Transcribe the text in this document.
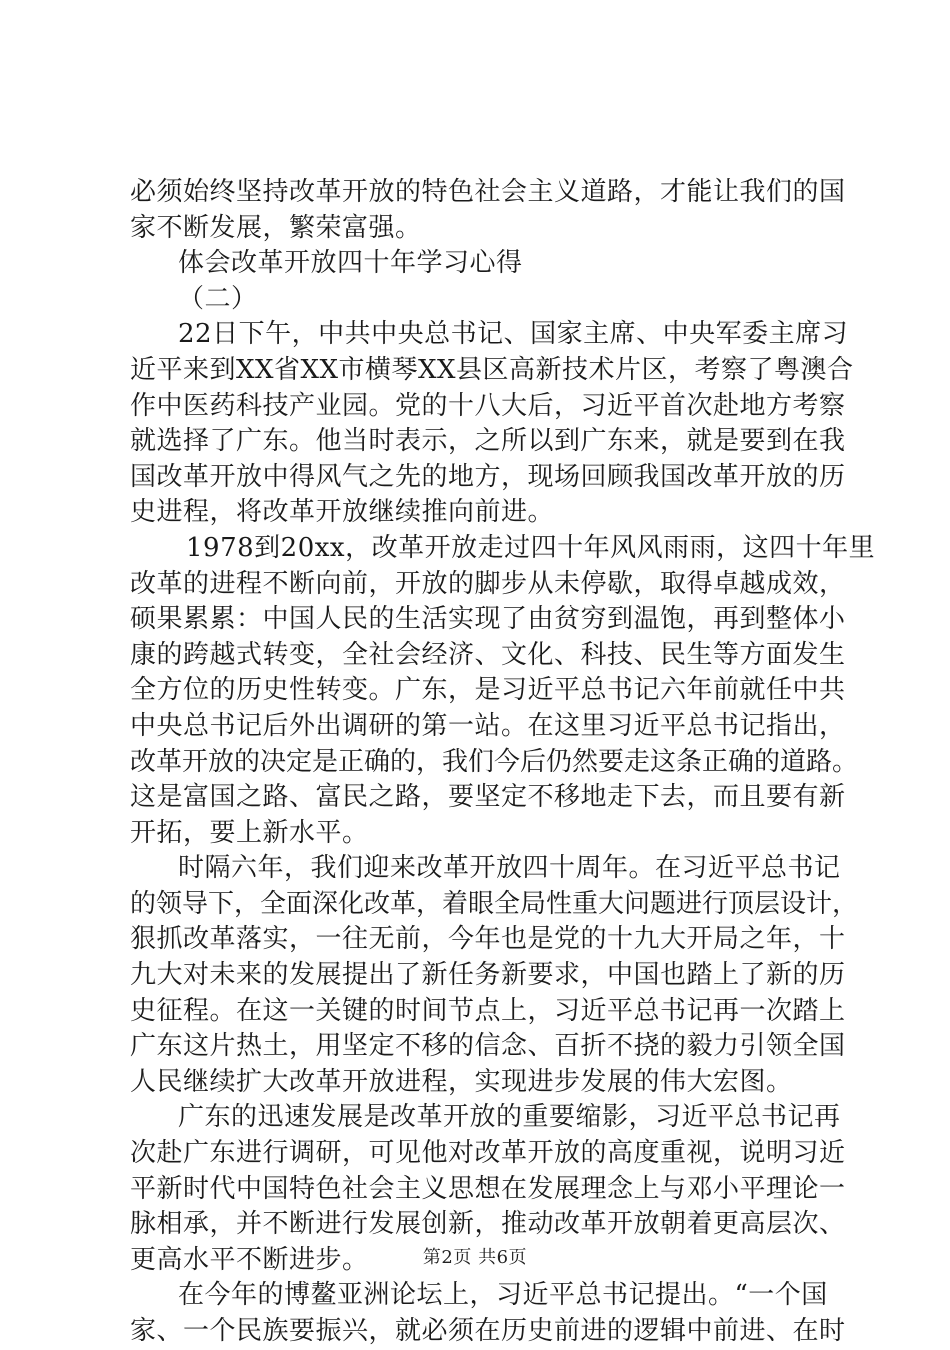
必须始终坚持改革开放的特色社会主义道路，才能让我们的国
家不断发展，繁荣富强。
体会改革开放四十年学习心得
（二）
22日下午，中共中央总书记、国家主席、中央军委主席习
近平来到XX省XX市横琴XX县区高新技术片区，考察了粤澳合
作中医药科技产业园。党的十八大后，习近平首次赴地方考察
就选择了广东。他当时表示，之所以到广东来，就是要到在我
国改革开放中得风气之先的地方，现场回顾我国改革开放的历
史进程，将改革开放继续推向前进。
1978到20xx，改革开放走过四十年风风雨雨，这四十年里
改革的进程不断向前，开放的脚步从未停歇，取得卓越成效，
硕果累累：中国人民的生活实现了由贫穷到温饱，再到整体小
康的跨越式转变，全社会经济、文化、科技、民生等方面发生
全方位的历史性转变。广东，是习近平总书记六年前就任中共
中央总书记后外出调研的第一站。在这里习近平总书记指出，
改革开放的决定是正确的，我们今后仍然要走这条正确的道路。
这是富国之路、富民之路，要坚定不移地走下去，而且要有新
开拓，要上新水平。
时隔六年，我们迎来改革开放四十周年。在习近平总书记
的领导下，全面深化改革，着眼全局性重大问题进行顶层设计，
狠抓改革落实，一往无前，今年也是党的十九大开局之年，十
九大对未来的发展提出了新任务新要求，中国也踏上了新的历
史征程。在这一关键的时间节点上，习近平总书记再一次踏上
广东这片热土，用坚定不移的信念、百折不挠的毅力引领全国
人民继续扩大改革开放进程，实现进步发展的伟大宏图。
广东的迅速发展是改革开放的重要缩影，习近平总书记再
次赴广东进行调研，可见他对改革开放的高度重视，说明习近
平新时代中国特色社会主义思想在发展理念上与邓小平理论一
脉相承，并不断进行发展创新，推动改革开放朝着更高层次、
更高水平不断进步。
在今年的博鳌亚洲论坛上，习近平总书记提出。“一个国
家、一个民族要振兴，就必须在历史前进的逻辑中前进、在时
第2页 共6页
